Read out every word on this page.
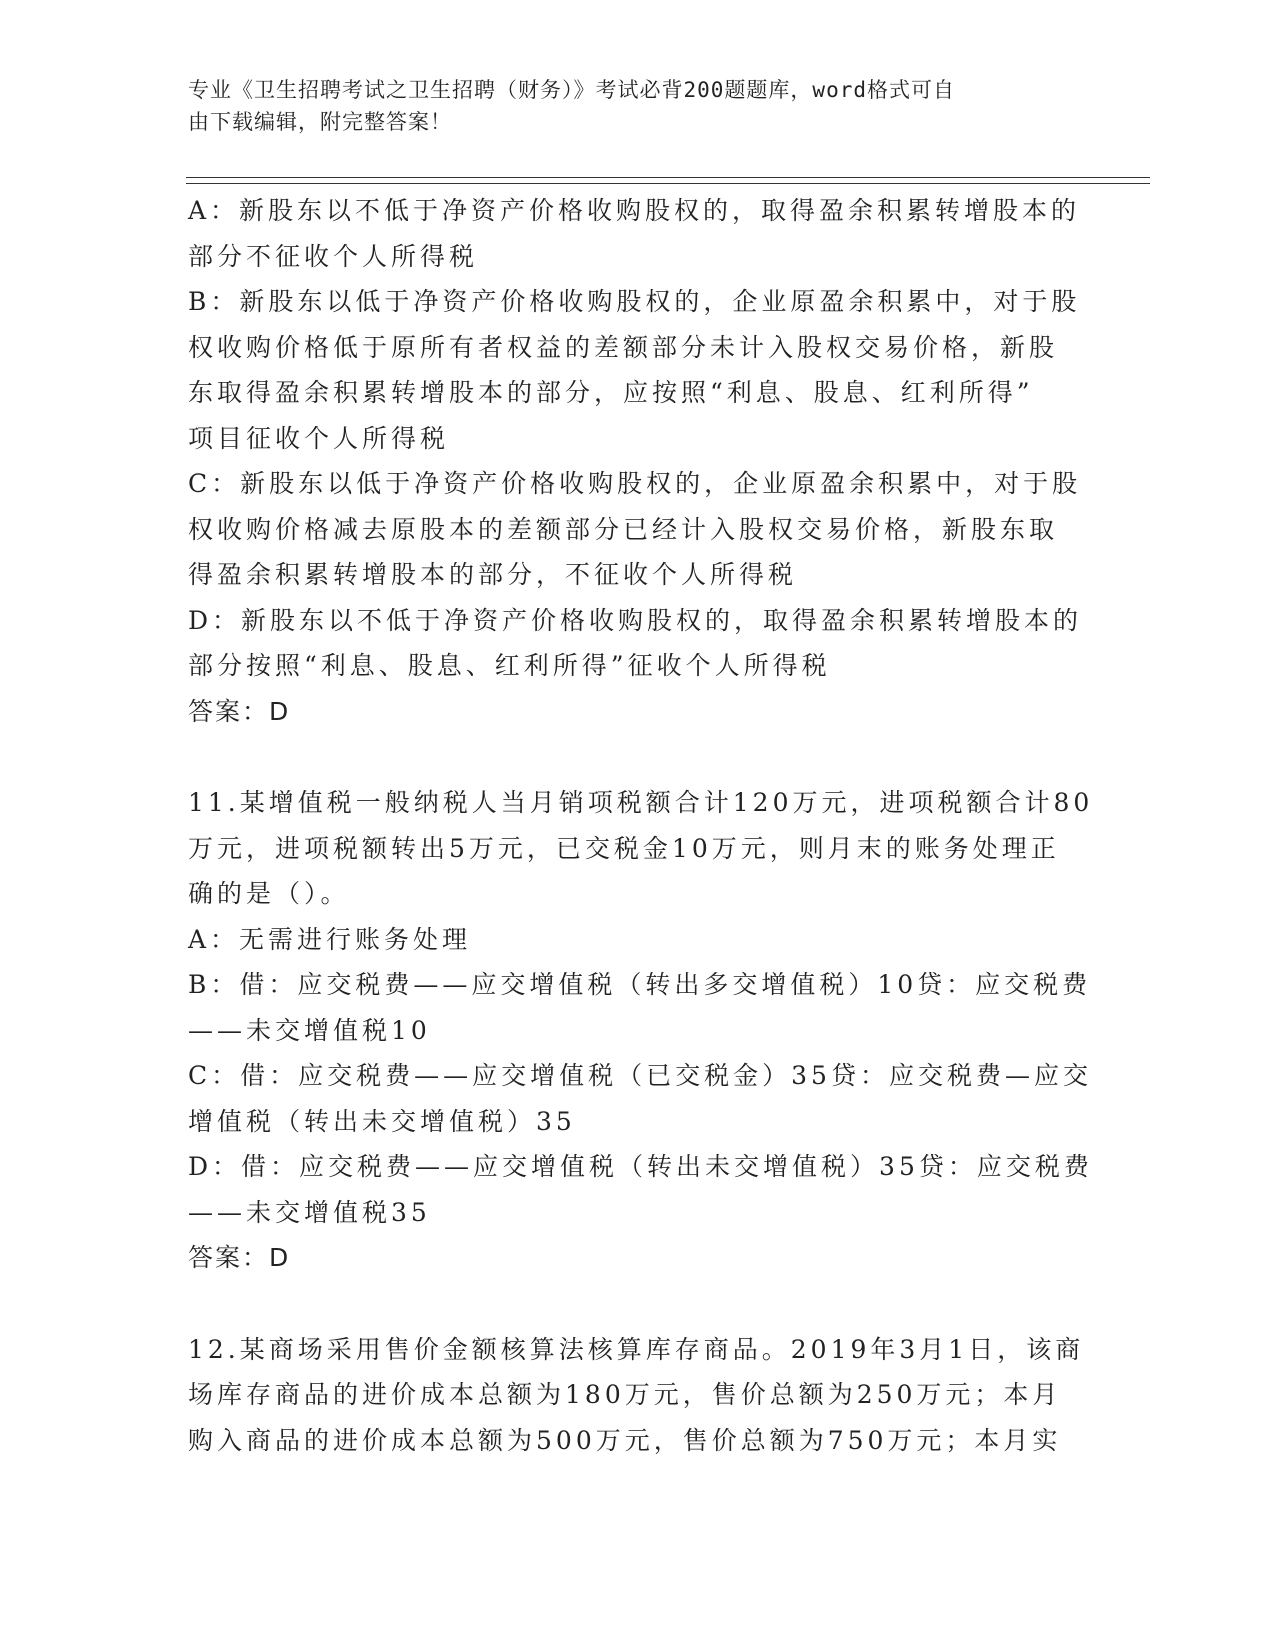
专业《卫生招聘考试之卫生招聘（财务）》考试必背200题题库，word格式可自
由下载编辑，附完整答案！
A：新股东以不低于净资产价格收购股权的，取得盈余积累转增股本的
部分不征收个人所得税
B：新股东以低于净资产价格收购股权的，企业原盈余积累中，对于股
权收购价格低于原所有者权益的差额部分未计入股权交易价格，新股
东取得盈余积累转增股本的部分，应按照“利息、股息、红利所得”
项目征收个人所得税
C：新股东以低于净资产价格收购股权的，企业原盈余积累中，对于股
权收购价格减去原股本的差额部分已经计入股权交易价格，新股东取
得盈余积累转增股本的部分，不征收个人所得税
D：新股东以不低于净资产价格收购股权的，取得盈余积累转增股本的
部分按照“利息、股息、红利所得”征收个人所得税
答案：D
11.某增值税一般纳税人当月销项税额合计120万元，进项税额合计80
万元，进项税额转出5万元，已交税金10万元，则月末的账务处理正
确的是（）。
A：无需进行账务处理
B：借：应交税费——应交增值税（转出多交增值税）10贷：应交税费
——未交增值税10
C：借：应交税费——应交增值税（已交税金）35贷：应交税费—应交
增值税（转出未交增值税）35
D：借：应交税费——应交增值税（转出未交增值税）35贷：应交税费
——未交增值税35
答案：D
12.某商场采用售价金额核算法核算库存商品。2019年3月1日，该商
场库存商品的进价成本总额为180万元，售价总额为250万元；本月
购入商品的进价成本总额为500万元，售价总额为750万元；本月实
